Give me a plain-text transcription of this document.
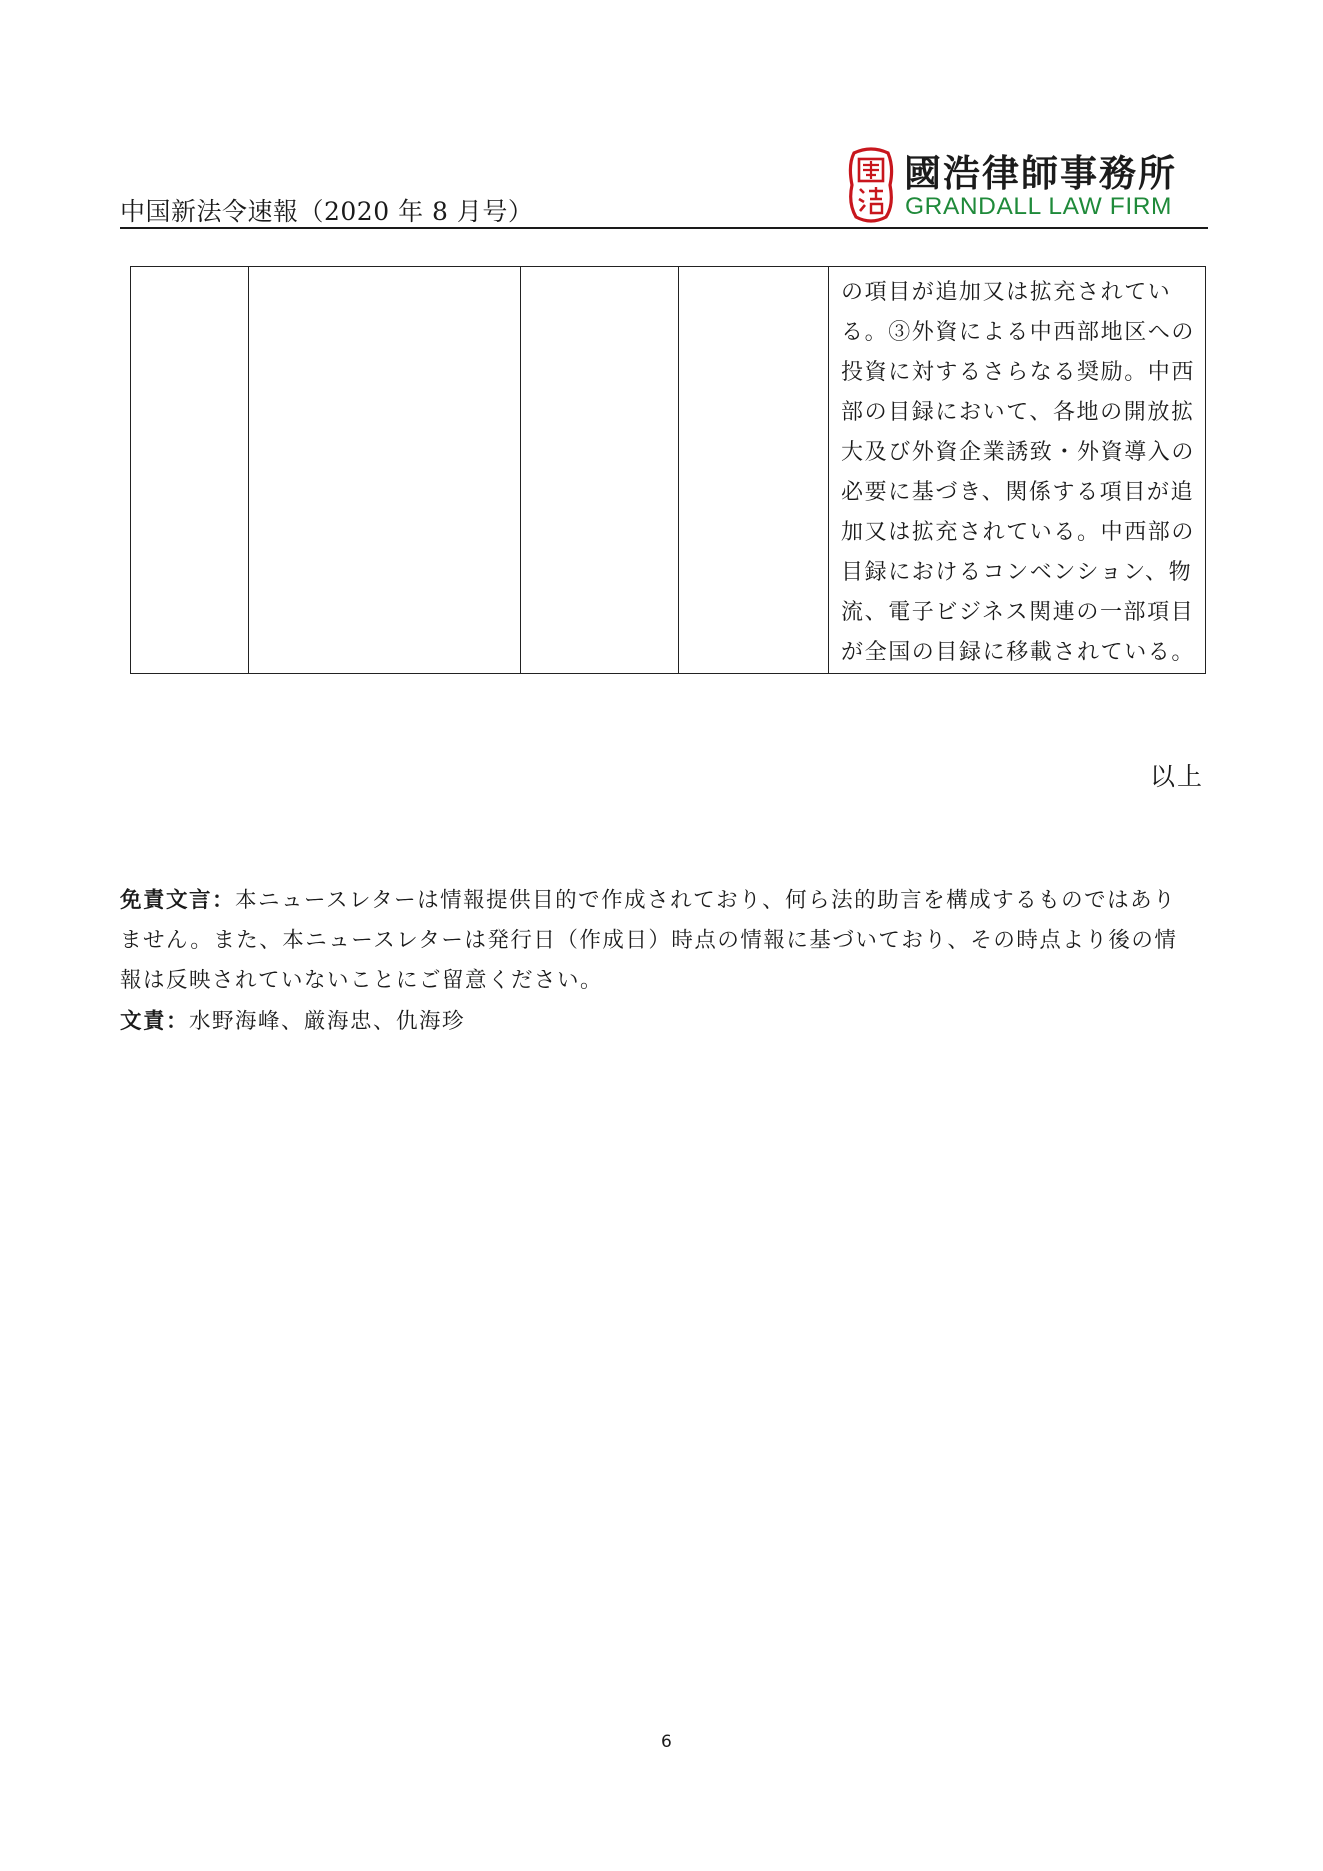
中国新法令速報（2020 年 8 月号）
國浩律師事務所
GRANDALL LAW FIRM

の項目が追加又は拡充されてい
る。③外資による中西部地区への
投資に対するさらなる奨励。中西
部の目録において、各地の開放拡
大及び外資企業誘致・外資導入の
必要に基づき、関係する項目が追
加又は拡充されている。中西部の
目録におけるコンベンション、物
流、電子ビジネス関連の一部項目
が全国の目録に移載されている。
以上
免責文言：本ニュースレターは情報提供目的で作成されており、何ら法的助言を構成するものではあり
ません。また、本ニュースレターは発行日（作成日）時点の情報に基づいており、その時点より後の情
報は反映されていないことにご留意ください。
文責：水野海峰、厳海忠、仇海珍
6
